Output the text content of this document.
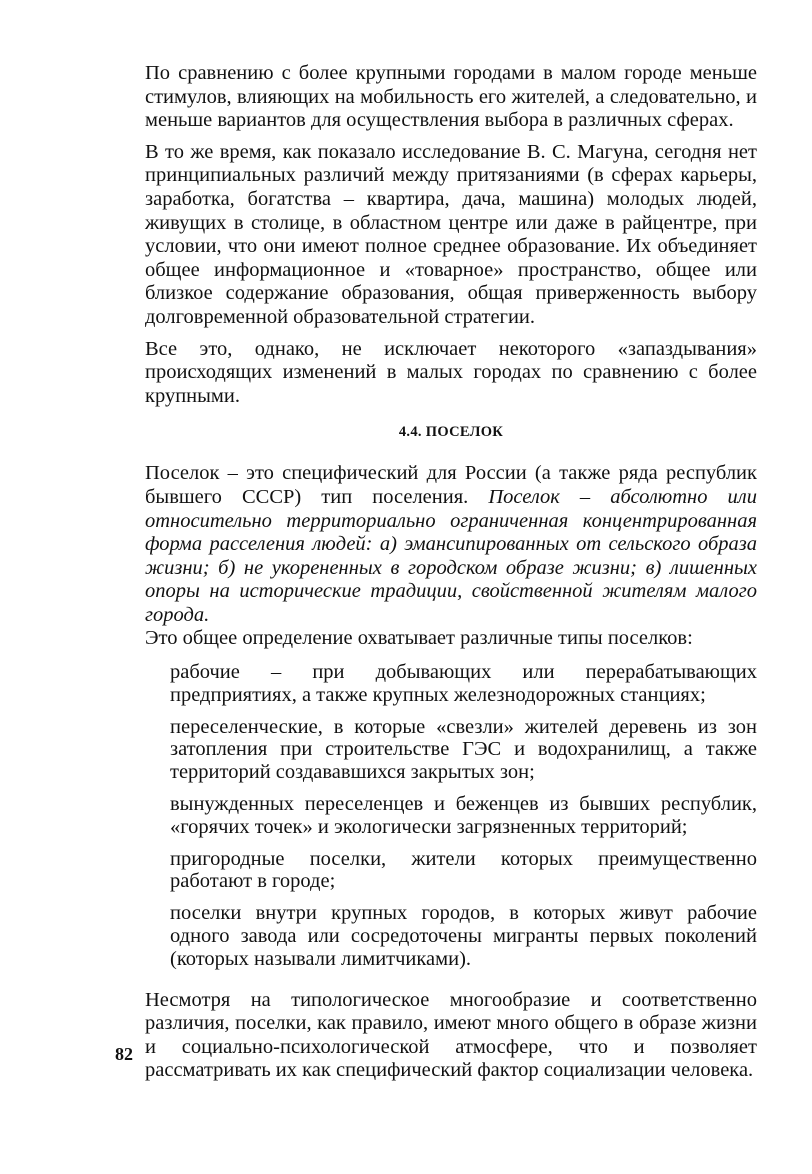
По сравнению с более крупными городами в малом городе меньше стимулов, влияющих на мобильность его жителей, а следовательно, и меньше вариантов для осуществления выбора в различных сферах.

В то же время, как показало исследование В. С. Магуна, сегодня нет принципиальных различий между притязаниями (в сферах карьеры, заработка, богатства – квартира, дача, машина) молодых людей, живущих в столице, в областном центре или даже в райцентре, при условии, что они имеют полное среднее образование. Их объединяет общее информационное и «товарное» пространство, общее или близкое содержание образования, общая приверженность выбору долговременной образовательной стратегии.

Все это, однако, не исключает некоторого «запаздывания» происходящих изменений в малых городах по сравнению с более крупными.

4.4. ПОСЕЛОК

Поселок – это специфический для России (а также ряда республик бывшего СССР) тип поселения. Поселок – абсолютно или относительно территориально ограниченная концентрированная форма расселения людей: а) эмансипированных от сельского образа жизни; б) не укорененных в городском образе жизни; в) лишенных опоры на исторические традиции, свойственной жителям малого города.

Это общее определение охватывает различные типы поселков:

рабочие – при добывающих или перерабатывающих предприятиях, а также крупных железнодорожных станциях;
переселенческие, в которые «свезли» жителей деревень из зон затопления при строительстве ГЭС и водохранилищ, а также территорий создававшихся закрытых зон;
вынужденных переселенцев и беженцев из бывших республик, «горячих точек» и экологически загрязненных территорий;
пригородные поселки, жители которых преимущественно работают в городе;
поселки внутри крупных городов, в которых живут рабочие одного завода или сосредоточены мигранты первых поколений (которых называли лимитчиками).

Несмотря на типологическое многообразие и соответственно различия, поселки, как правило, имеют много общего в образе жизни и социально-психологической атмосфере, что и позволяет рассматривать их как специфический фактор социализации человека.

82
